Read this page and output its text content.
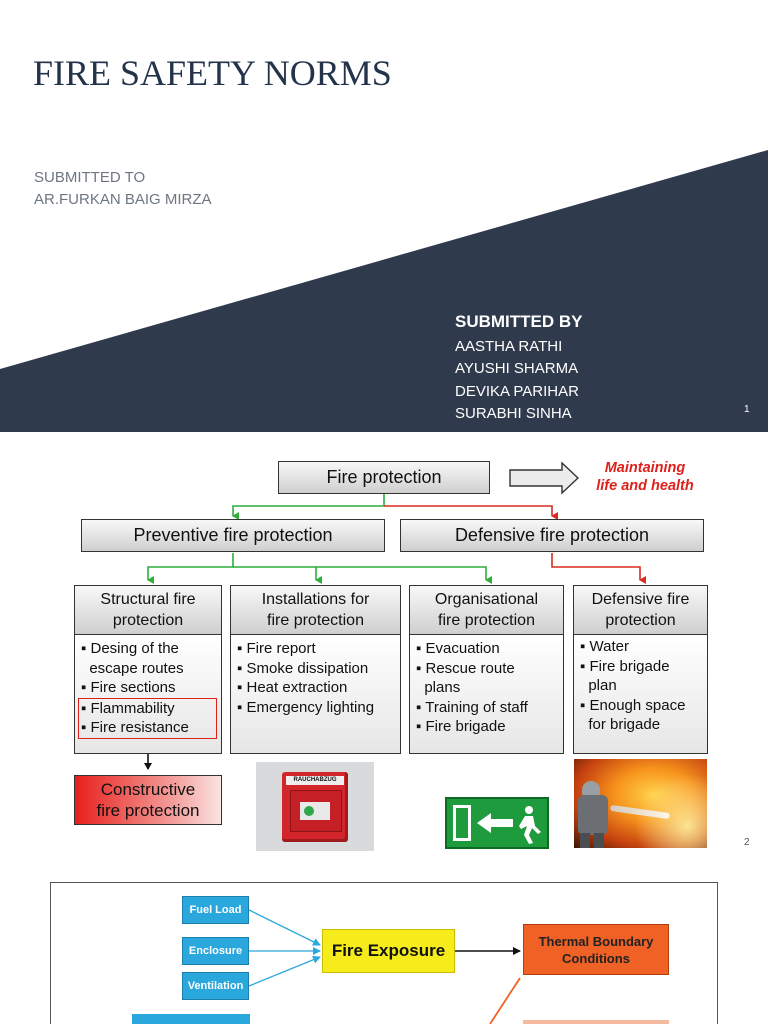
FIRE SAFETY NORMS
SUBMITTED TO
AR.FURKAN BAIG MIRZA
SUBMITTED BY
AASTHA RATHI
AYUSHI SHARMA
DEVIKA PARIHAR
SURABHI SINHA	1
Fire protection	Maintaining
life and health
Preventive fire protection	Defensive fire protection
Structural fire
protection
▪ Desing of the
escape routes
▪ Fire sections
▪ Flammability
▪ Fire resistance
Installations for
fire protection
▪ Fire report
▪ Smoke dissipation
▪ Heat extraction
▪ Emergency lighting
Organisational
fire protection
▪ Evacuation
▪ Rescue route
plans
▪ Training of staff
▪ Fire brigade
Defensive fire
protection
▪ Water
▪ Fire brigade
plan
▪ Enough space
for brigade
Constructive
fire protection
RAUCHABZUG
2
Fuel Load
Enclosure
Ventilation
Fire Exposure	Thermal Boundary
Conditions
